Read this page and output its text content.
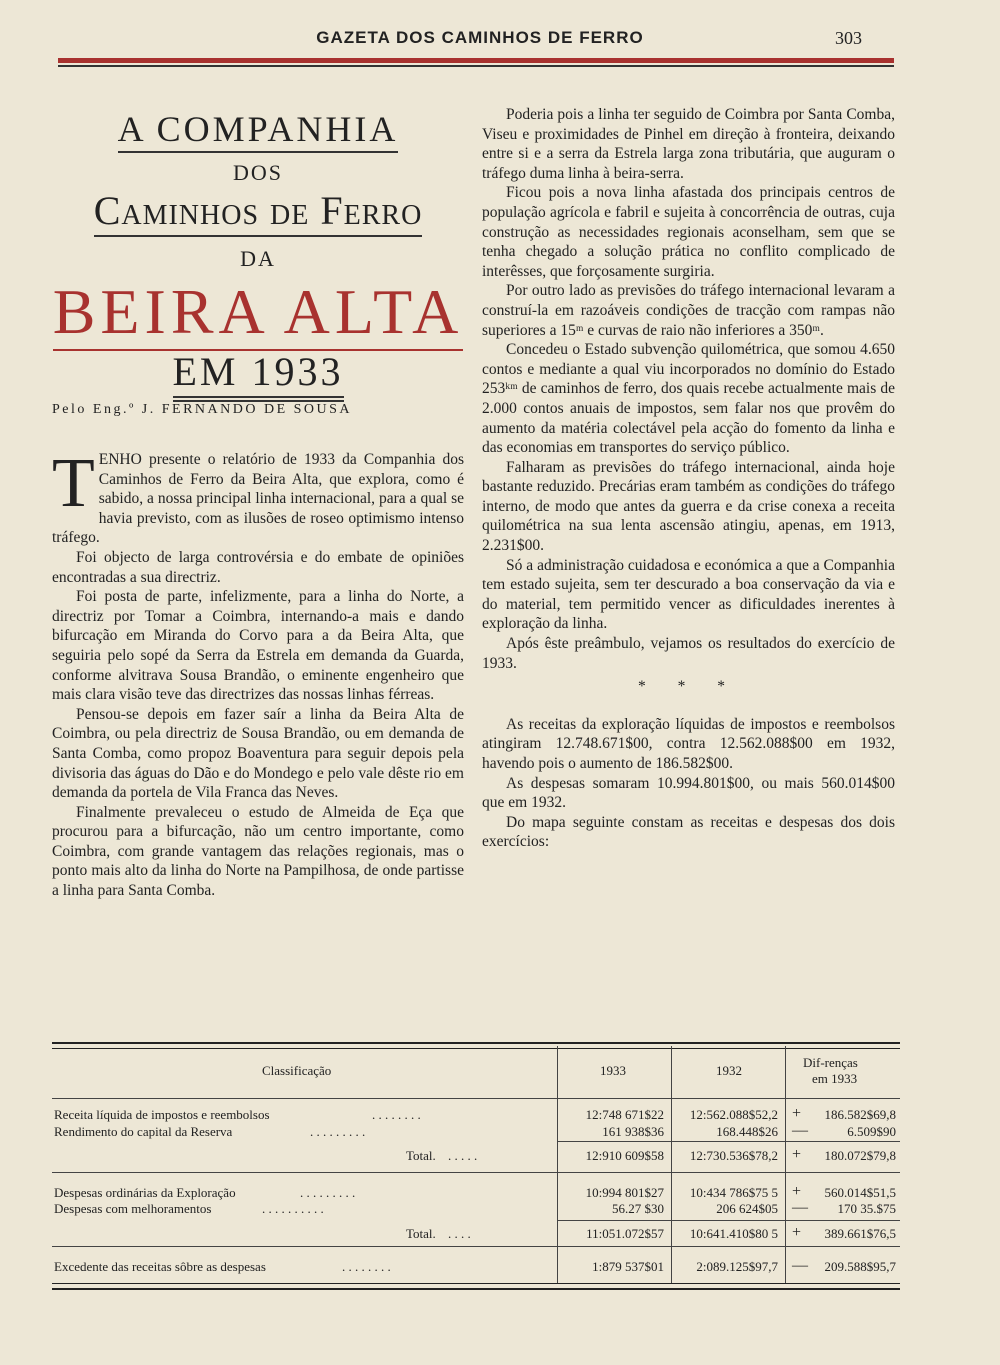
GAZETA DOS CAMINHOS DE FERRO	303
A COMPANHIA
DOS
Caminhos de Ferro
DA
BEIRA ALTA
EM 1933
Pelo Eng.º J. FERNANDO DE SOUSA

TENHO presente o relatório de 1933 da Companhia dos Caminhos de Ferro da Beira Alta, que explora, como é sabido, a nossa principal linha internacional, para a qual se havia previsto, com as ilusões de roseo optimismo intenso tráfego.

Foi objecto de larga controvérsia e do embate de opiniões encontradas a sua directriz.

Foi posta de parte, infelizmente, para a linha do Norte, a directriz por Tomar a Coimbra, internando-a mais e dando bifurcação em Miranda do Corvo para a da Beira Alta, que seguiria pelo sopé da Serra da Estrela em demanda da Guarda, conforme alvitrava Sousa Brandão, o eminente engenheiro que mais clara visão teve das directrizes das nossas linhas férreas.

Pensou-se depois em fazer saír a linha da Beira Alta de Coimbra, ou pela directriz de Sousa Brandão, ou em demanda de Santa Comba, como propoz Boaventura para seguir depois pela divisoria das águas do Dão e do Mondego e pelo vale dêste rio em demanda da portela de Vila Franca das Neves.

Finalmente prevaleceu o estudo de Almeida de Eça que procurou para a bifurcação, não um centro importante, como Coimbra, com grande vantagem das relações regionais, mas o ponto mais alto da linha do Norte na Pampilhosa, de onde partisse a linha para Santa Comba.

Poderia pois a linha ter seguido de Coimbra por Santa Comba, Viseu e proximidades de Pinhel em direção à fronteira, deixando entre si e a serra da Estrela larga zona tributária, que auguram o tráfego duma linha à beira-serra.

Ficou pois a nova linha afastada dos principais centros de população agrícola e fabril e sujeita à concorrência de outras, cuja construção as necessidades regionais aconselham, sem que se tenha chegado a solução prática no conflito complicado de interêsses, que forçosamente surgiria.

Por outro lado as previsões do tráfego internacional levaram a construí-la em razoáveis condições de tracção com rampas não superiores a 15ᵐ e curvas de raio não inferiores a 350ᵐ.

Concedeu o Estado subvenção quilométrica, que somou 4.650 contos e mediante a qual viu incorporados no domínio do Estado 253ᵏᵐ de caminhos de ferro, dos quais recebe actualmente mais de 2.000 contos anuais de impostos, sem falar nos que provêm do aumento da matéria colectável pela acção do fomento da linha e das economias em transportes do serviço público.

Falharam as previsões do tráfego internacional, ainda hoje bastante reduzido. Precárias eram também as condições do tráfego interno, de modo que antes da guerra e da crise conexa a receita quilométrica na sua lenta ascensão atingiu, apenas, em 1913, 2.231$00.

Só a administração cuidadosa e económica a que a Companhia tem estado sujeita, sem ter descurado a boa conservação da via e do material, tem permitido vencer as dificuldades inerentes à exploração da linha.

Após êste preâmbulo, vejamos os resultados do exercício de 1933.

* * *

As receitas da exploração líquidas de impostos e reembolsos atingiram 12.748.671$00, contra 12.562.088$00 em 1932, havendo pois o aumento de 186.582$00.

As despesas somaram 10.994.801$00, ou mais 560.014$00 que em 1932.

Do mapa seguinte constam as receitas e despesas dos dois exercícios:

Classificação	1933	1932
Dif-renças
em 1933
Receita líquida de impostos e reembolsos	. . . . . . . .	12:748 671$22	12:562.088$52,2 +	186.582$69,8
Rendimento do capital da Reserva	. . . . . . . . .	161 938$36	168.448$26 —	6.509$90
Total. . . . . .	12:910 609$58	12:730.536$78,2 +	180.072$79,8
Despesas ordinárias da Exploração	. . . . . . . . .	10:994 801$27	10:434 786$75 5 +	560.014$51,5
Despesas com melhoramentos	. . . . . . . . . .	56.27 $30	206 624$05 —	170 35.$75
Total. . . . .	11:051.072$57	10:641.410$80 5 +	389.661$76,5
Excedente das receitas sôbre as despesas	. . . . . . . .	1:879 537$01	2:089.125$97,7 —	209.588$95,7
